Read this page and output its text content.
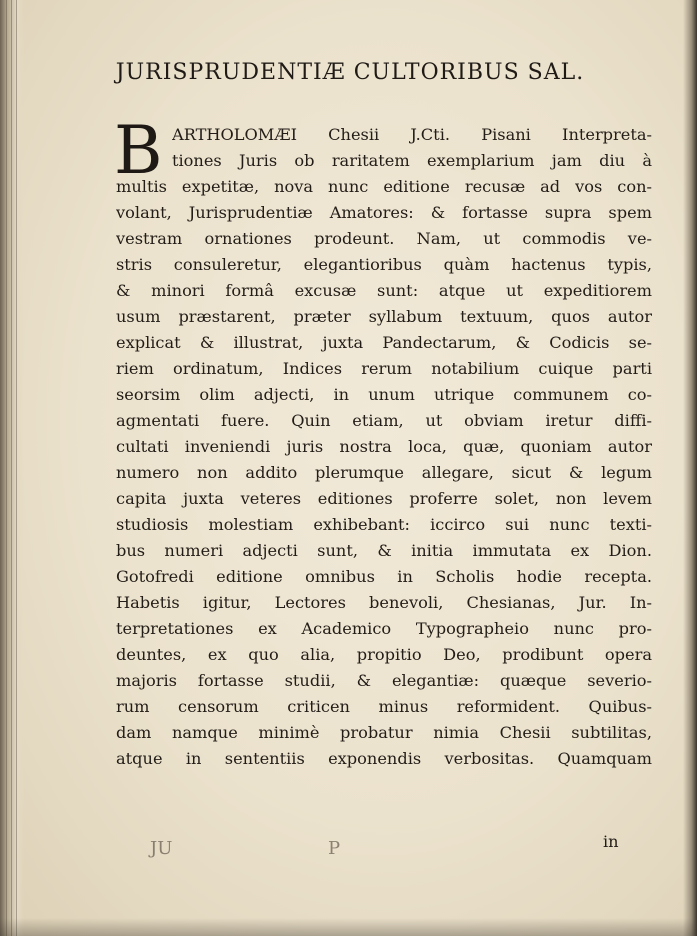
JURISPRUDENTIÆ CULTORIBUS SAL.
B ARTHOLOMÆI Chesii J.Cti. Pisani Interpreta-
tiones Juris ob raritatem exemplarium jam diu à
multis expetitæ, nova nunc editione recusæ ad vos con-
volant, Jurisprudentiæ Amatores: & fortasse supra spem
vestram ornationes prodeunt. Nam, ut commodis ve-
stris consuleretur, elegantioribus quàm hactenus typis,
& minori formâ excusæ sunt: atque ut expeditiorem
usum præstarent, præter syllabum textuum, quos autor
explicat & illustrat, juxta Pandectarum, & Codicis se-
riem ordinatum, Indices rerum notabilium cuique parti
seorsim olim adjecti, in unum utrique communem co-
agmentati fuere. Quin etiam, ut obviam iretur diffi-
cultati inveniendi juris nostra loca, quæ, quoniam autor
numero non addito plerumque allegare, sicut & legum
capita juxta veteres editiones proferre solet, non levem
studiosis molestiam exhibebant: iccirco sui nunc texti-
bus numeri adjecti sunt, & initia immutata ex Dion.
Gotofredi editione omnibus in Scholis hodie recepta.
Habetis igitur, Lectores benevoli, Chesianas, Jur. In-
terpretationes ex Academico Typographeio nunc pro-
deuntes, ex quo alia, propitio Deo, prodibunt opera
majoris fortasse studii, & elegantiæ: quæque severio-
rum censorum criticen minus reformident. Quibus-
dam namque minimè probatur nimia Chesii subtilitas,
atque in sententiis exponendis verbositas. Quamquam
in
JU	P
